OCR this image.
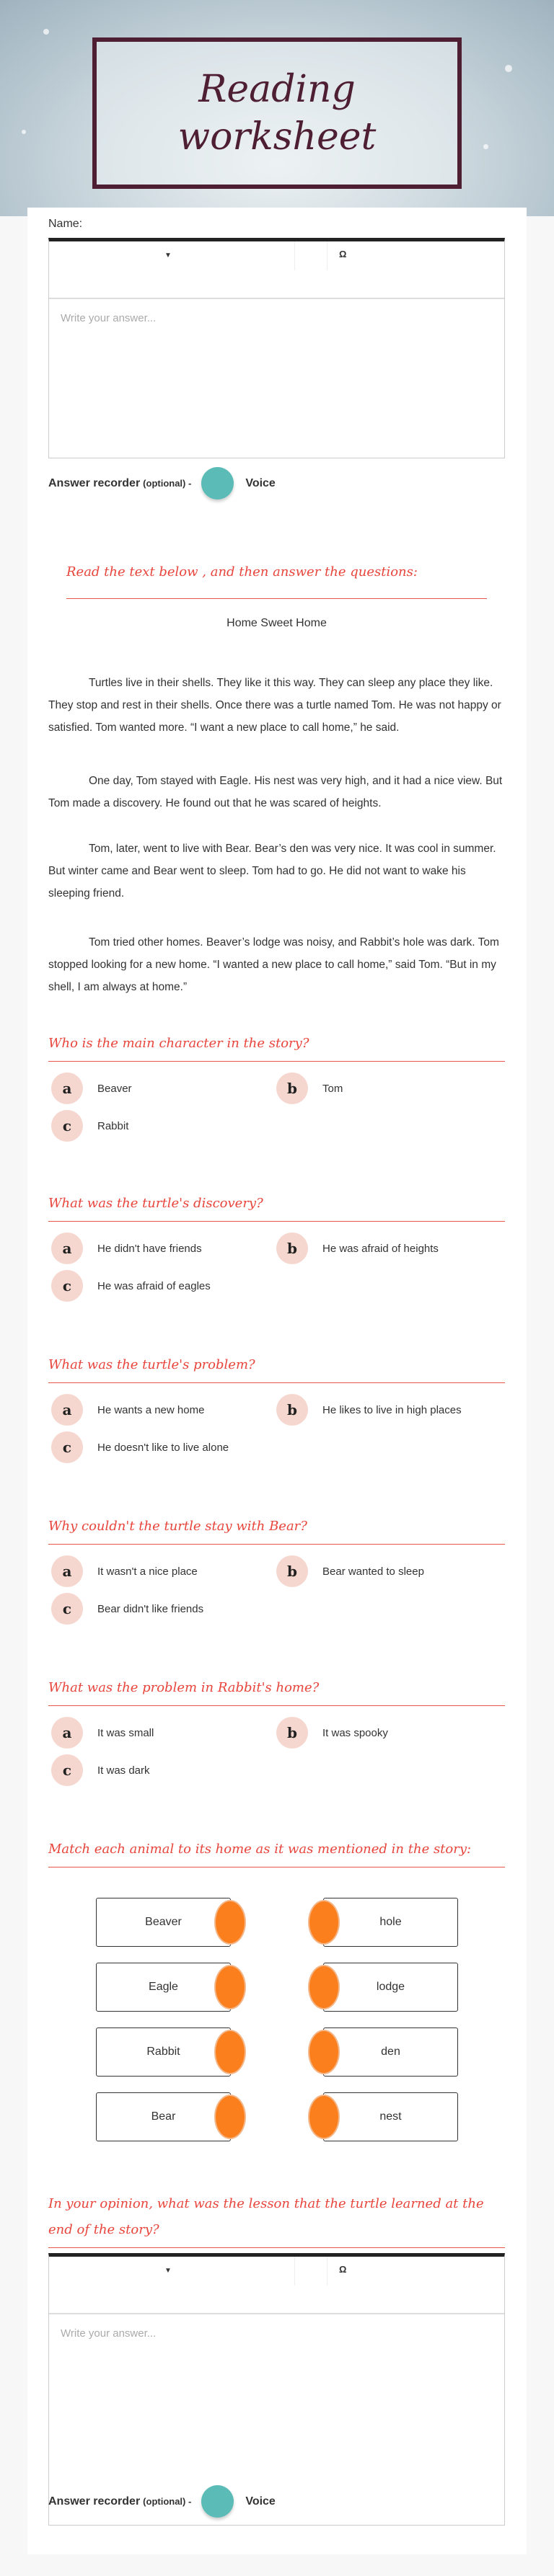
Reading
worksheet
Name:
▼	Ω
Write your answer...
Answer recorder (optional) -	Voice
Read the text below , and then answer the questions:
Home Sweet Home

Turtles live in their shells. They like it this way. They can sleep any place they like. They stop and rest in their shells. Once there was a turtle named Tom. He was not happy or satisfied. Tom wanted more. “I want a new place to call home,” he said.

One day, Tom stayed with Eagle. His nest was very high, and it had a nice view. But Tom made a discovery. He found out that he was scared of heights.

Tom, later, went to live with Bear. Bear’s den was very nice. It was cool in summer. But winter came and Bear went to sleep. Tom had to go. He did not want to wake his sleeping friend.

Tom tried other homes. Beaver’s lodge was noisy, and Rabbit’s hole was dark. Tom stopped looking for a new home. “I wanted a new place to call home,” said Tom. “But in my shell, I am always at home.”

Who is the main character in the story?
a	Beaver	b	Tom
c	Rabbit
What was the turtle's discovery?
a	He didn't have friends	b	He was afraid of heights
c	He was afraid of eagles
What was the turtle's problem?
a	He wants a new home	b	He likes to live in high places
c	He doesn't like to live alone
Why couldn't the turtle stay with Bear?
a	It wasn't a nice place	b	Bear wanted to sleep
c	Bear didn't like friends
What was the problem in Rabbit's home?
a	It was small	b	It was spooky
c	It was dark
Match each animal to its home as it was mentioned in the story:
Beaver	hole
Eagle	lodge
Rabbit	den
Bear	nest
In your opinion, what was the lesson that the turtle learned at the end of the story?
▼	Ω
Write your answer...
Answer recorder (optional) -	Voice
